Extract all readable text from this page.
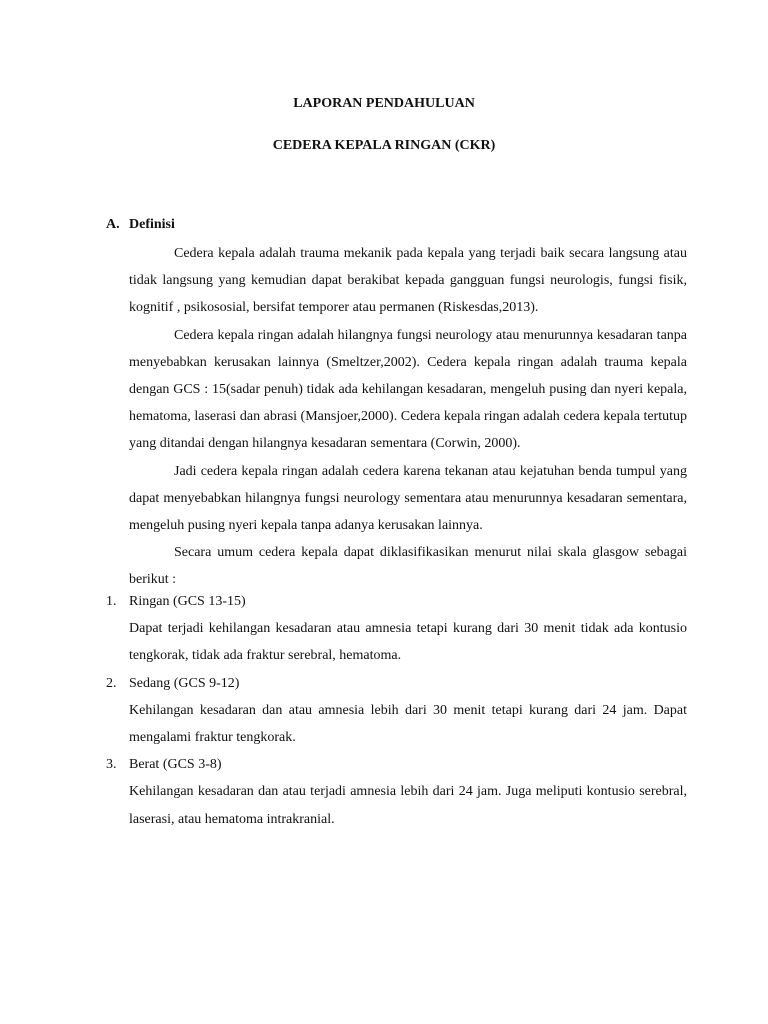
LAPORAN PENDAHULUAN
CEDERA KEPALA RINGAN (CKR)
A. Definisi

Cedera kepala adalah trauma mekanik pada kepala yang terjadi baik secara langsung atau tidak langsung yang kemudian dapat berakibat kepada gangguan fungsi neurologis, fungsi fisik, kognitif , psikososial, bersifat temporer atau permanen (Riskesdas,2013).

Cedera kepala ringan adalah hilangnya fungsi neurology atau menurunnya kesadaran tanpa menyebabkan kerusakan lainnya (Smeltzer,2002). Cedera kepala ringan adalah trauma kepala dengan GCS : 15(sadar penuh) tidak ada kehilangan kesadaran, mengeluh pusing dan nyeri kepala, hematoma, laserasi dan abrasi (Mansjoer,2000). Cedera kepala ringan adalah cedera kepala tertutup yang ditandai dengan hilangnya kesadaran sementara (Corwin, 2000).

Jadi cedera kepala ringan adalah cedera karena tekanan atau kejatuhan benda tumpul yang dapat menyebabkan hilangnya fungsi neurology sementara atau menurunnya kesadaran sementara, mengeluh pusing nyeri kepala tanpa adanya kerusakan lainnya.

Secara umum cedera kepala dapat diklasifikasikan menurut nilai skala glasgow sebagai berikut :

1. Ringan (GCS 13-15)

Dapat terjadi kehilangan kesadaran atau amnesia tetapi kurang dari 30 menit tidak ada kontusio tengkorak, tidak ada fraktur serebral, hematoma.

2. Sedang (GCS 9-12)

Kehilangan kesadaran dan atau amnesia lebih dari 30 menit tetapi kurang dari 24 jam. Dapat mengalami fraktur tengkorak.

3. Berat (GCS 3-8)

Kehilangan kesadaran dan atau terjadi amnesia lebih dari 24 jam. Juga meliputi kontusio serebral, laserasi, atau hematoma intrakranial.
